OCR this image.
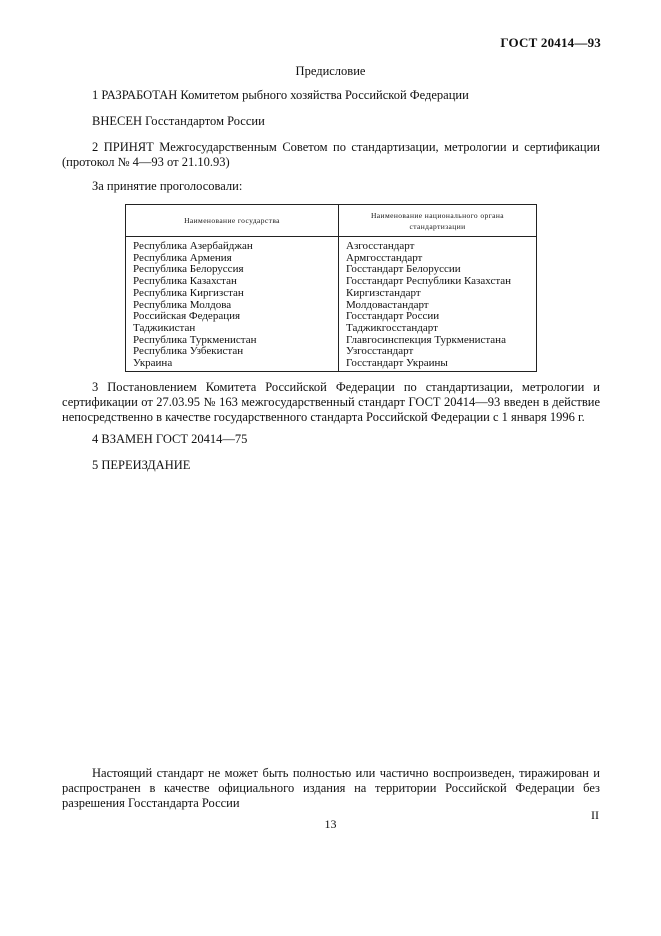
ГОСТ 20414—93
Предисловие
1 РАЗРАБОТАН Комитетом рыбного хозяйства Российской Федерации
ВНЕСЕН Госстандартом России
2 ПРИНЯТ Межгосударственным Советом по стандартизации, метрологии и сертификации (протокол № 4—93 от 21.10.93)
За принятие проголосовали:
Наименование государства	Наименование национального органа стандартизации
Республика Азербайджан	Азгосстандарт
Республика Армения	Армгосстандарт
Республика Белоруссия	Госстандарт Белоруссии
Республика Казахстан	Госстандарт Республики Казахстан
Республика Киргизстан	Киргизстандарт
Республика Молдова	Молдовастандарт
Российская Федерация	Госстандарт России
Таджикистан	Таджикгосстандарт
Республика Туркменистан	Главгосинспекция Туркменистана
Республика Узбекистан	Узгосстандарт
Украина	Госстандарт Украины
3 Постановлением Комитета Российской Федерации по стандартизации, метрологии и сертификации от 27.03.95 № 163 межгосударственный стандарт ГОСТ 20414—93 введен в действие непосредственно в качестве государственного стандарта Российской Федерации с 1 января 1996 г.
4 ВЗАМЕН ГОСТ 20414—75
5 ПЕРЕИЗДАНИЕ
Настоящий стандарт не может быть полностью или частично воспроизведен, тиражирован и распространен в качестве официального издания на территории Российской Федерации без разрешения Госстандарта России
II
13
